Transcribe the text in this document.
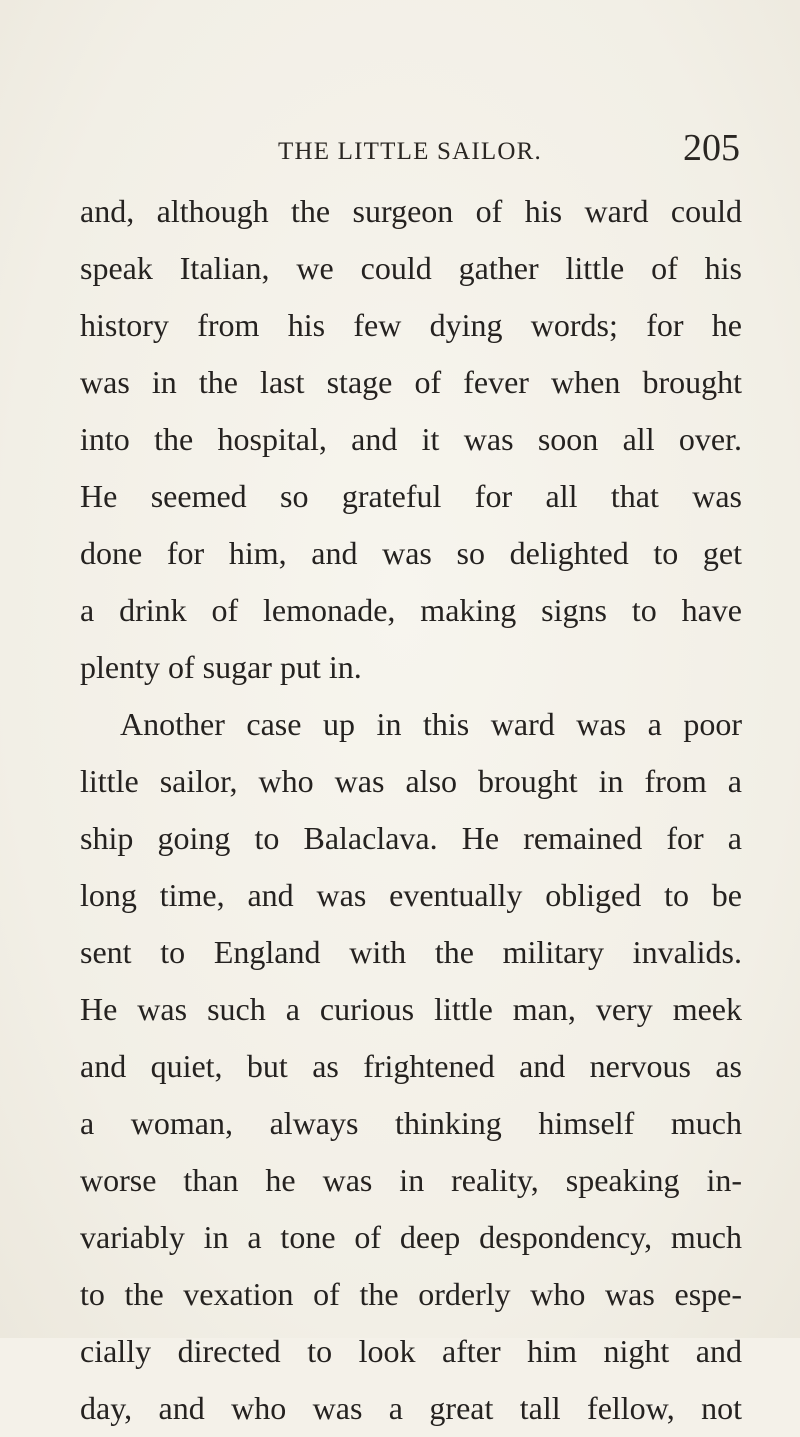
THE LITTLE SAILOR.	205
and, although the surgeon of his ward could
speak Italian, we could gather little of his
history from his few dying words; for he
was in the last stage of fever when brought
into the hospital, and it was soon all over.
He seemed so grateful for all that was
done for him, and was so delighted to get
a drink of lemonade, making signs to have
plenty of sugar put in.
Another case up in this ward was a poor
little sailor, who was also brought in from a
ship going to Balaclava. He remained for a
long time, and was eventually obliged to be
sent to England with the military invalids.
He was such a curious little man, very meek
and quiet, but as frightened and nervous as
a woman, always thinking himself much
worse than he was in reality, speaking in-
variably in a tone of deep despondency, much
to the vexation of the orderly who was espe-
cially directed to look after him night and
day, and who was a great tall fellow, not
